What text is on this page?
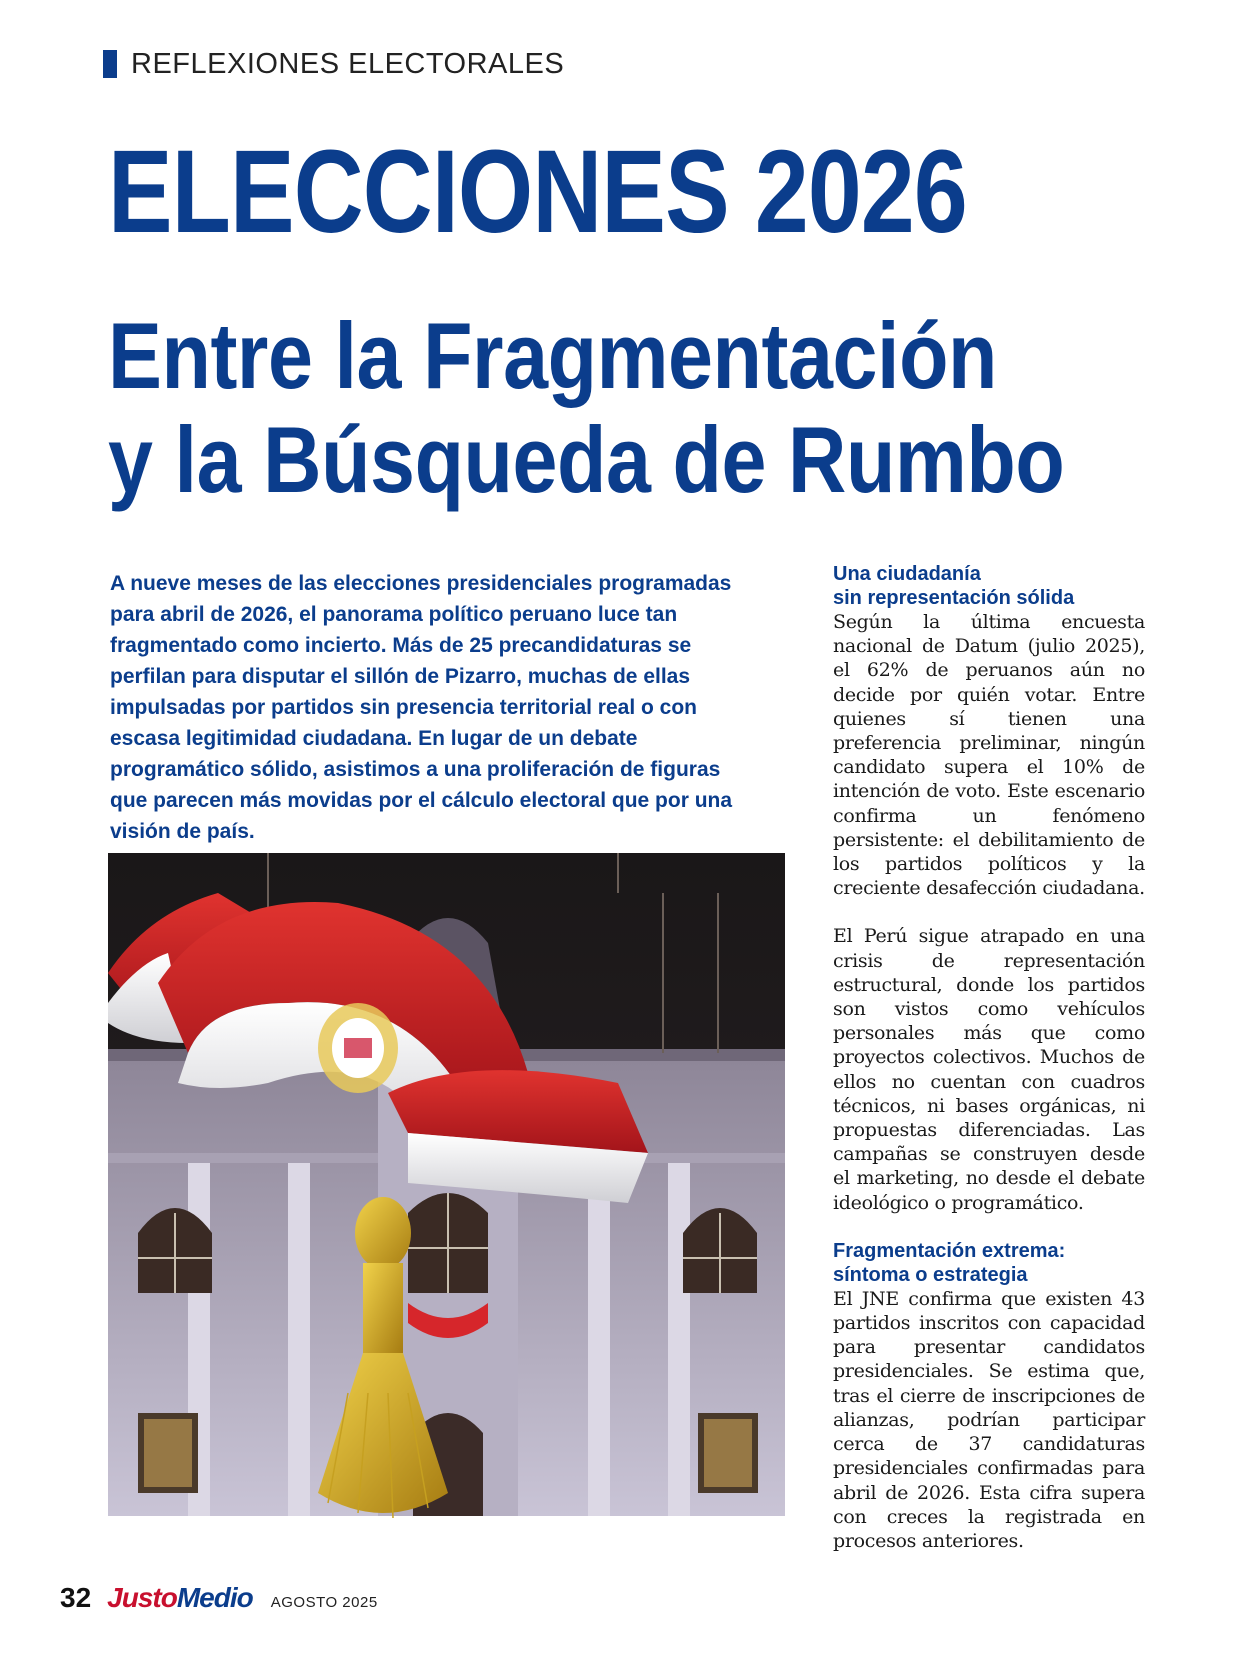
REFLEXIONES ELECTORALES
ELECCIONES 2026
Entre la Fragmentación
y la Búsqueda de Rumbo

A nueve meses de las elecciones presidenciales programadas para abril de 2026, el panorama político peruano luce tan fragmentado como incierto. Más de 25 precandidaturas se perfilan para disputar el sillón de Pizarro, muchas de ellas impulsadas por partidos sin presencia territorial real o con escasa legitimidad ciudadana. En lugar de un debate programático sólido, asistimos a una proliferación de figuras que parecen más movidas por el cálculo electoral que por una visión de país.

Una ciudadanía
sin representación sólida

Según la última encuesta nacional de Datum (julio 2025), el 62% de peruanos aún no decide por quién votar. Entre quienes sí tienen una preferencia preliminar, ningún candidato supera el 10% de intención de voto. Este escenario confirma un fenómeno persistente: el debilitamiento de los partidos políticos y la creciente desafección ciudadana.

El Perú sigue atrapado en una crisis de representación estructural, donde los partidos son vistos como vehículos personales más que como proyectos colectivos. Muchos de ellos no cuentan con cuadros técnicos, ni bases orgánicas, ni propuestas diferenciadas. Las campañas se construyen desde el marketing, no desde el debate ideológico o programático.

Fragmentación extrema:
síntoma o estrategia

El JNE confirma que existen 43 partidos inscritos con capacidad para presentar candidatos presidenciales. Se estima que, tras el cierre de inscripciones de alianzas, podrían participar cerca de 37 candidaturas presidenciales confirmadas para abril de 2026. Esta cifra supera con creces la registrada en procesos anteriores.

32 JustoMedio AGOSTO 2025
